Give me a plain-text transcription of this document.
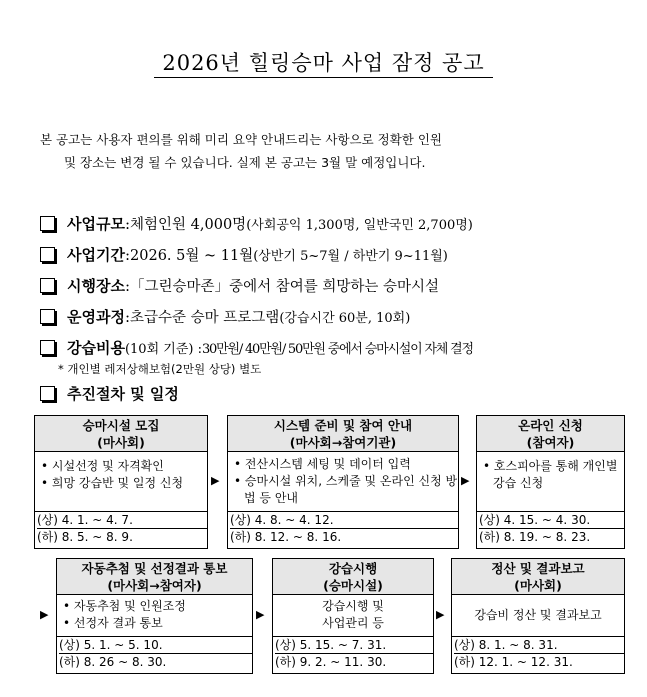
2026년 힐링승마 사업 잠정 공고
본 공고는 사용자 편의를 위해 미리 요약 안내드리는 사항으로 정확한 인원
및 장소는 변경 될 수 있습니다. 실제 본 공고는 3월 말 예정입니다.
사업규모 : 체험인원 4,000명 (사회공익 1,300명, 일반국민 2,700명)
사업기간 : 2026. 5월 ~ 11월 (상반기 5~7월 / 하반기 9~11월)
시행장소 : 「그린승마존」중에서 참여를 희망하는 승마시설
운영과정 : 초급수준 승마 프로그램 (강습시간 60분, 10회)
강습비용 (10회 기준) : 30만원/ 40만원/ 50만원 중에서 승마시설이 자체 결정
* 개인별 레저상해보험(2만원 상당) 별도
추진절차 및 일정
승마시설 모집
(마사회)
• 시설선정 및 자격확인
• 희망 강습반 및 일정 신청
(상) 4. 1. ~ 4. 7.
(하) 8. 5. ~ 8. 9.
▶
시스템 준비 및 참여 안내
(마사회→참여기관)
• 전산시스템 세팅 및 데이터 입력
• 승마시설 위치, 스케줄 및 온라인 신청 방법 등 안내
(상) 4. 8. ~ 4. 12.
(하) 8. 12. ~ 8. 16.
▶
온라인 신청
(참여자)
• 호스피아를 통해 개인별 강습 신청
(상) 4. 15. ~ 4. 30.
(하) 8. 19. ~ 8. 23.
▶
자동추첨 및 선정결과 통보
(마사회→참여자)
• 자동추첨 및 인원조정
• 선정자 결과 통보
(상) 5. 1. ~ 5. 10.
(하) 8. 26 ~ 8. 30.
▶
강습시행
(승마시설)
강습시행 및
사업관리 등
(상) 5. 15. ~ 7. 31.
(하) 9. 2. ~ 11. 30.
▶
정산 및 결과보고
(마사회)
강습비 정산 및 결과보고
(상) 8. 1. ~ 8. 31.
(하) 12. 1. ~ 12. 31.
